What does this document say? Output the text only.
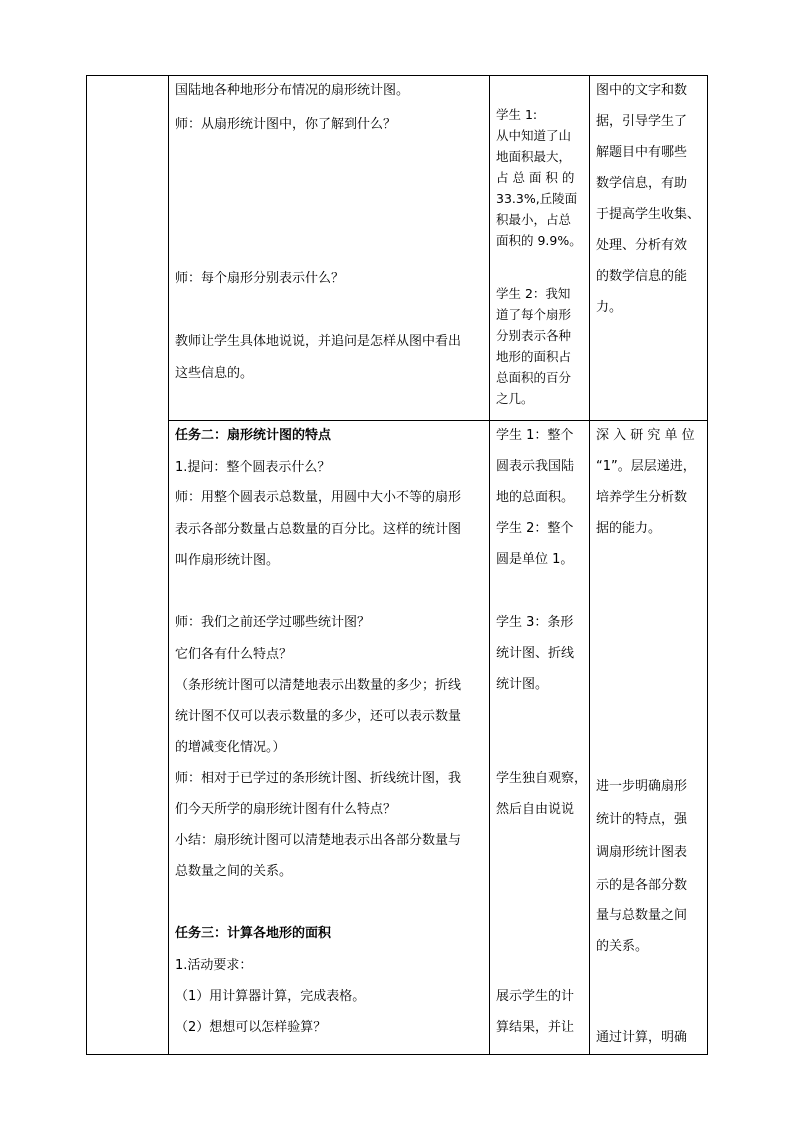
国陆地各种地形分布情况的扇形统计图。
师：从扇形统计图中，你了解到什么？
师：每个扇形分别表示什么？
教师让学生具体地说说，并追问是怎样从图中看出
这些信息的。
学生 1:
从中知道了山
地面积最大，
占 总 面 积 的
33.3%,丘陵面
积最小，占总
面积的 9.9%。
学生 2：我知
道了每个扇形
分别表示各种
地形的面积占
总面积的百分
之几。
图中的文字和数
据，引导学生了
解题目中有哪些
数学信息，有助
于提高学生收集、
处理、分析有效
的数学信息的能
力。
任务二：扇形统计图的特点
1.提问：整个圆表示什么？
师：用整个圆表示总数量，用圆中大小不等的扇形
表示各部分数量占总数量的百分比。这样的统计图
叫作扇形统计图。
师：我们之前还学过哪些统计图？
它们各有什么特点？
（条形统计图可以清楚地表示出数量的多少；折线
统计图不仅可以表示数量的多少，还可以表示数量
的增减变化情况。）
师：相对于已学过的条形统计图、折线统计图，我
们今天所学的扇形统计图有什么特点？
小结：扇形统计图可以清楚地表示出各部分数量与
总数量之间的关系。
任务三：计算各地形的面积
1.活动要求：
（1）用计算器计算，完成表格。
（2）想想可以怎样验算？
学生 1：整个
圆表示我国陆
地的总面积。
学生 2：整个
圆是单位 1。
学生 3：条形
统计图、折线
统计图。
学生独自观察，
然后自由说说
展示学生的计
算结果，并让
深 入 研 究 单 位
“1”。层层递进，
培养学生分析数
据的能力。
进一步明确扇形
统计的特点，强
调扇形统计图表
示的是各部分数
量与总数量之间
的关系。
通过计算，明确
